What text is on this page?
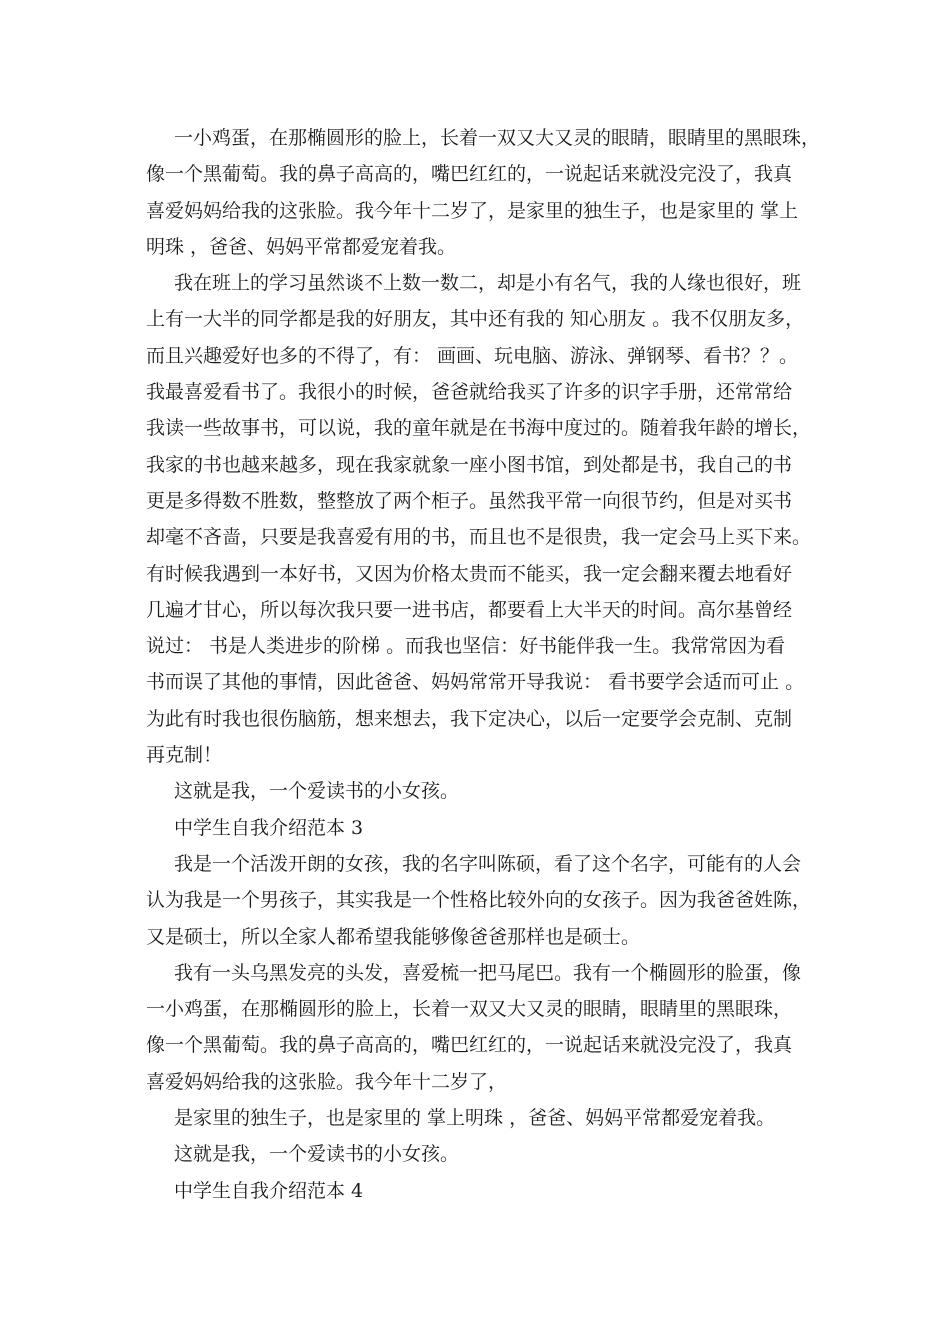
一小鸡蛋，在那椭圆形的脸上，长着一双又大又灵的眼睛，眼睛里的黑眼珠，
像一个黑葡萄。我的鼻子高高的，嘴巴红红的，一说起话来就没完没了，我真
喜爱妈妈给我的这张脸。我今年十二岁了，是家里的独生子，也是家里的 掌上
明珠 ，爸爸、妈妈平常都爱宠着我。
我在班上的学习虽然谈不上数一数二，却是小有名气，我的人缘也很好，班
上有一大半的同学都是我的好朋友，其中还有我的 知心朋友 。我不仅朋友多，
而且兴趣爱好也多的不得了，有： 画画、玩电脑、游泳、弹钢琴、看书？？。
我最喜爱看书了。我很小的时候，爸爸就给我买了许多的识字手册，还常常给
我读一些故事书，可以说，我的童年就是在书海中度过的。随着我年龄的增长，
我家的书也越来越多，现在我家就象一座小图书馆，到处都是书，我自己的书
更是多得数不胜数，整整放了两个柜子。虽然我平常一向很节约，但是对买书
却毫不吝啬，只要是我喜爱有用的书，而且也不是很贵，我一定会马上买下来。
有时候我遇到一本好书，又因为价格太贵而不能买，我一定会翻来覆去地看好
几遍才甘心，所以每次我只要一进书店，都要看上大半天的时间。高尔基曾经
说过： 书是人类进步的阶梯 。而我也坚信：好书能伴我一生。我常常因为看
书而误了其他的事情，因此爸爸、妈妈常常开导我说： 看书要学会适而可止 。
为此有时我也很伤脑筋，想来想去，我下定决心，以后一定要学会克制、克制
再克制！
这就是我，一个爱读书的小女孩。
中学生自我介绍范本 3
我是一个活泼开朗的女孩，我的名字叫陈硕，看了这个名字，可能有的人会
认为我是一个男孩子，其实我是一个性格比较外向的女孩子。因为我爸爸姓陈，
又是硕士，所以全家人都希望我能够像爸爸那样也是硕士。
我有一头乌黑发亮的头发，喜爱梳一把马尾巴。我有一个椭圆形的脸蛋，像
一小鸡蛋，在那椭圆形的脸上，长着一双又大又灵的眼睛，眼睛里的黑眼珠，
像一个黑葡萄。我的鼻子高高的，嘴巴红红的，一说起话来就没完没了，我真
喜爱妈妈给我的这张脸。我今年十二岁了，
是家里的独生子，也是家里的 掌上明珠 ，爸爸、妈妈平常都爱宠着我。
这就是我，一个爱读书的小女孩。
中学生自我介绍范本 4
